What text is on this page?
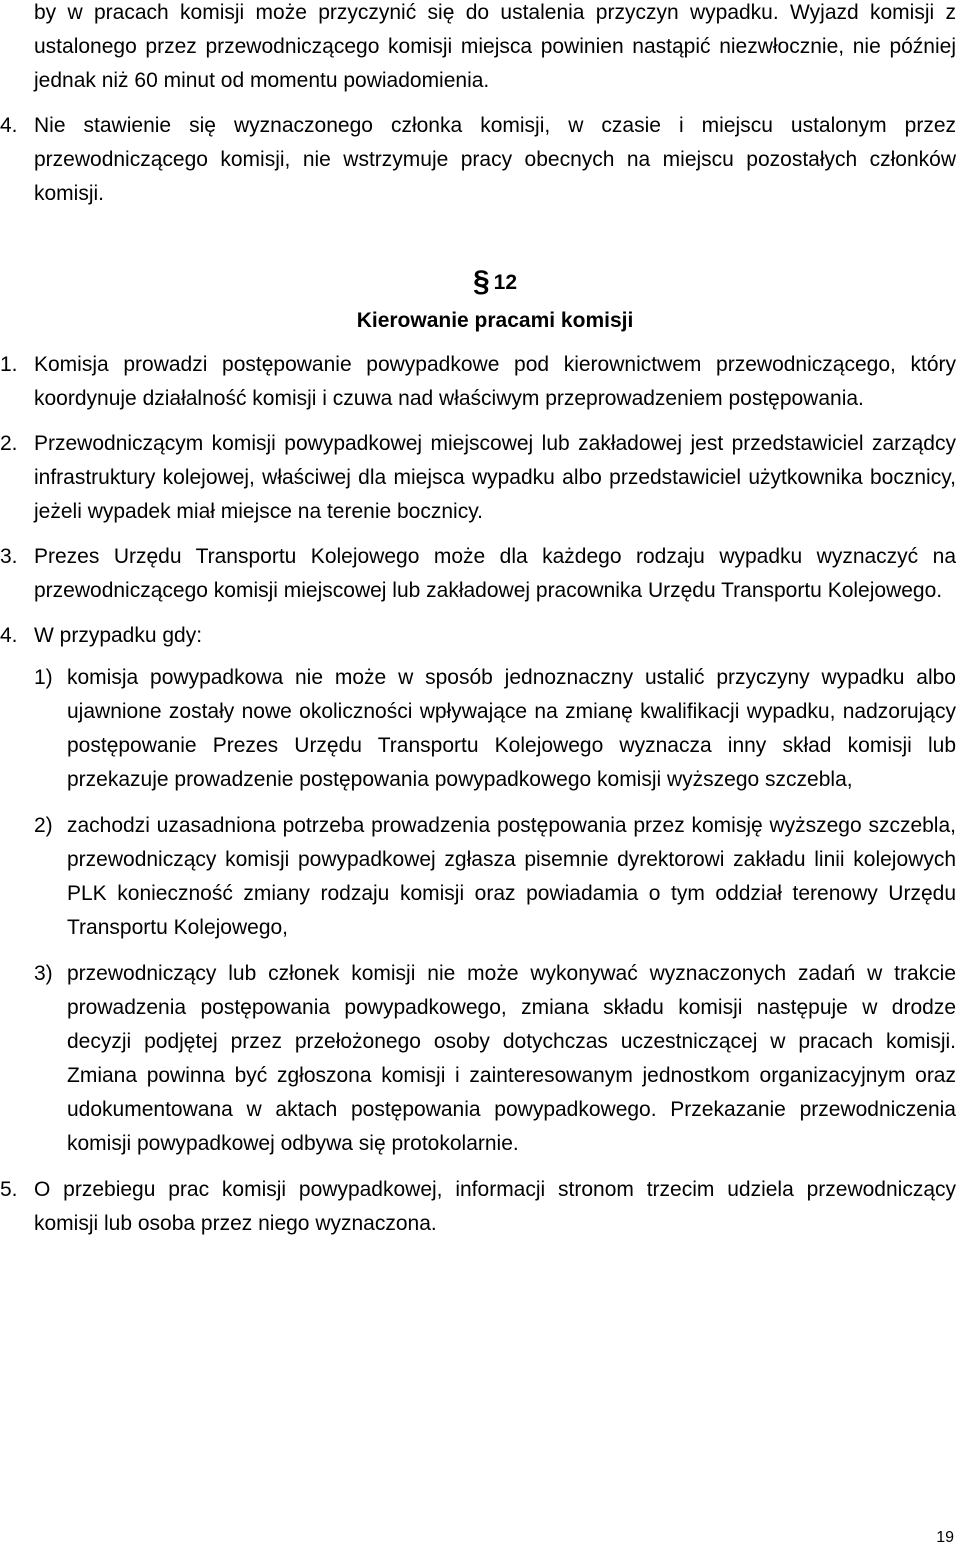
by w pracach komisji może przyczynić się do ustalenia przyczyn wypadku. Wyjazd komisji z ustalonego przez przewodniczącego komisji miejsca powinien nastąpić niezwłocznie, nie później jednak niż 60 minut od momentu powiadomienia.

4. Nie stawienie się wyznaczonego członka komisji, w czasie i miejscu ustalonym przez przewodniczącego komisji, nie wstrzymuje pracy obecnych na miejscu pozostałych członków komisji.
§ 12
Kierowanie pracami komisji
1. Komisja prowadzi postępowanie powypadkowe pod kierownictwem przewodniczącego, który koordynuje działalność komisji i czuwa nad właściwym przeprowadzeniem postępowania.
2. Przewodniczącym komisji powypadkowej miejscowej lub zakładowej jest przedstawiciel zarządcy infrastruktury kolejowej, właściwej dla miejsca wypadku albo przedstawiciel użytkownika bocznicy, jeżeli wypadek miał miejsce na terenie bocznicy.
3. Prezes Urzędu Transportu Kolejowego może dla każdego rodzaju wypadku wyznaczyć na przewodniczącego komisji miejscowej lub zakładowej pracownika Urzędu Transportu Kolejowego.
4. W przypadku gdy:
1) komisja powypadkowa nie może w sposób jednoznaczny ustalić przyczyny wypadku albo ujawnione zostały nowe okoliczności wpływające na zmianę kwalifikacji wypadku, nadzorujący postępowanie Prezes Urzędu Transportu Kolejowego wyznacza inny skład komisji lub przekazuje prowadzenie postępowania powypadkowego komisji wyższego szczebla,
2) zachodzi uzasadniona potrzeba prowadzenia postępowania przez komisję wyższego szczebla, przewodniczący komisji powypadkowej zgłasza pisemnie dyrektorowi zakładu linii kolejowych PLK konieczność zmiany rodzaju komisji oraz powiadamia o tym oddział terenowy Urzędu Transportu Kolejowego,
3) przewodniczący lub członek komisji nie może wykonywać wyznaczonych zadań w trakcie prowadzenia postępowania powypadkowego, zmiana składu komisji następuje w drodze decyzji podjętej przez przełożonego osoby dotychczas uczestniczącej w pracach komisji. Zmiana powinna być zgłoszona komisji i zainteresowanym jednostkom organizacyjnym oraz udokumentowana w aktach postępowania powypadkowego. Przekazanie przewodniczenia komisji powypadkowej odbywa się protokolarnie.
5. O przebiegu prac komisji powypadkowej, informacji stronom trzecim udziela przewodniczący komisji lub osoba przez niego wyznaczona.
19
